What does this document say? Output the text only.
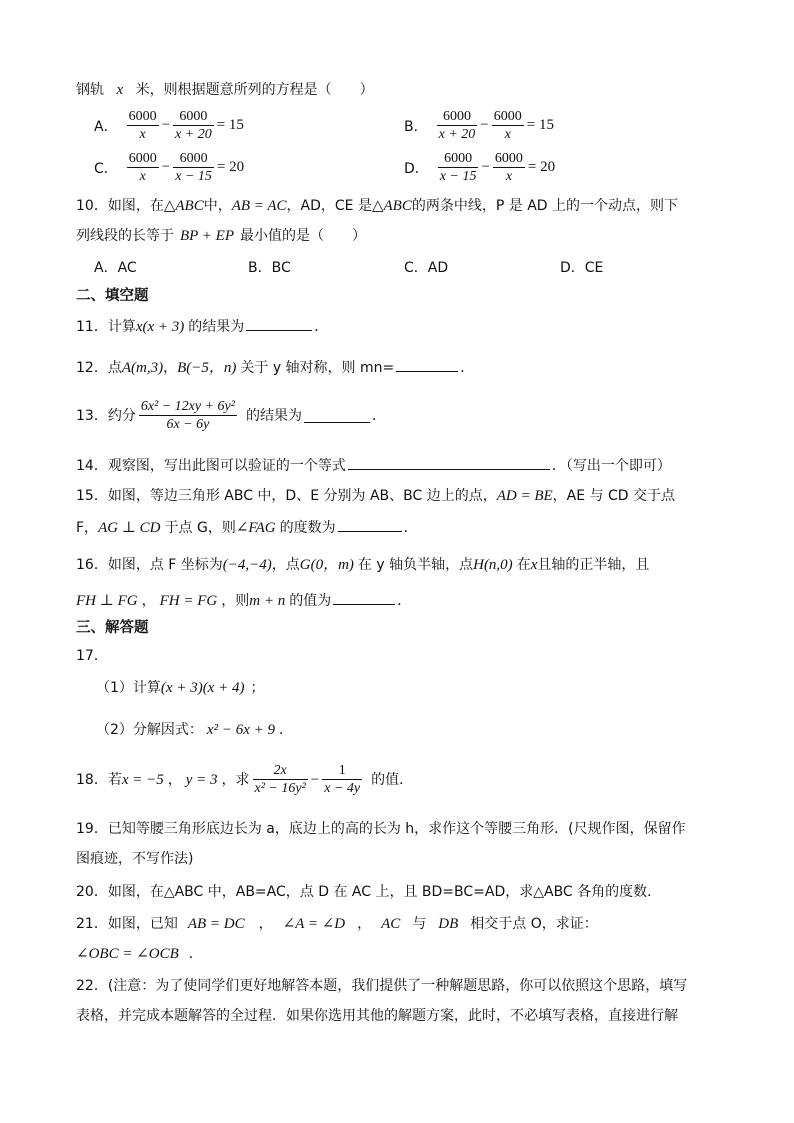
钢轨 x 米，则根据题意所列的方程是（　　）
A． $\frac{6000}{x} - \frac{6000}{x + 20} = 15$	B． $\frac{6000}{x + 20} - \frac{6000}{x} = 15$
C． $\frac{6000}{x} - \frac{6000}{x - 15} = 20$	D． $\frac{6000}{x - 15} - \frac{6000}{x} = 20$
10．如图，在△ABC中，AB = AC，AD，CE 是△ABC的两条中线，P 是 AD 上的一个动点，则下
列线段的长等于 BP + EP 最小值的是（　　）
A．AC	B．BC	C．AD	D．CE
二、填空题
11．计算x(x + 3) 的结果为	．
12．点A(m,3)，B(−5，n) 关于 y 轴对称，则 mn=	．
13．约分 $\frac{\text{6x² − 12xy + 6y²}}{6x - 6y}$ 的结果为	．
14．观察图，写出此图可以验证的一个等式	．（写出一个即可）
15．如图，等边三角形 ABC 中，D、E 分别为 AB、BC 边上的点，AD = BE，AE 与 CD 交于点
F，AG ⊥ CD 于点 G，则∠FAG 的度数为	．
16．如图，点 F 坐标为(−4,−4)，点G(0，m) 在 y 轴负半轴，点H(n,0) 在x且轴的正半轴，且
FH ⊥ FG ， FH = FG ，则m + n 的值为	．
三、解答题
17．
（1）计算(x + 3)(x + 4) ；
（2）分解因式： x² − 6x + 9 ．
18．若 x = −5 ， y = 3 ，求 $\frac{2x}{\text{x² − 16y²}} - \frac{1}{x - 4y}$ 的值．
19．已知等腰三角形底边长为 a，底边上的高的长为 h，求作这个等腰三角形．(尺规作图，保留作
图痕迹，不写作法)
20．如图，在△ABC 中，AB=AC，点 D 在 AC 上，且 BD=BC=AD，求△ABC 各角的度数．
21．如图，已知 AB = DC ， ∠A = ∠D ， AC 与 DB 相交于点 O，求证：
∠OBC = ∠OCB ．
22．(注意：为了使同学们更好地解答本题，我们提供了一种解题思路，你可以依照这个思路，填写
表格，并完成本题解答的全过程．如果你选用其他的解题方案，此时，不必填写表格，直接进行解
